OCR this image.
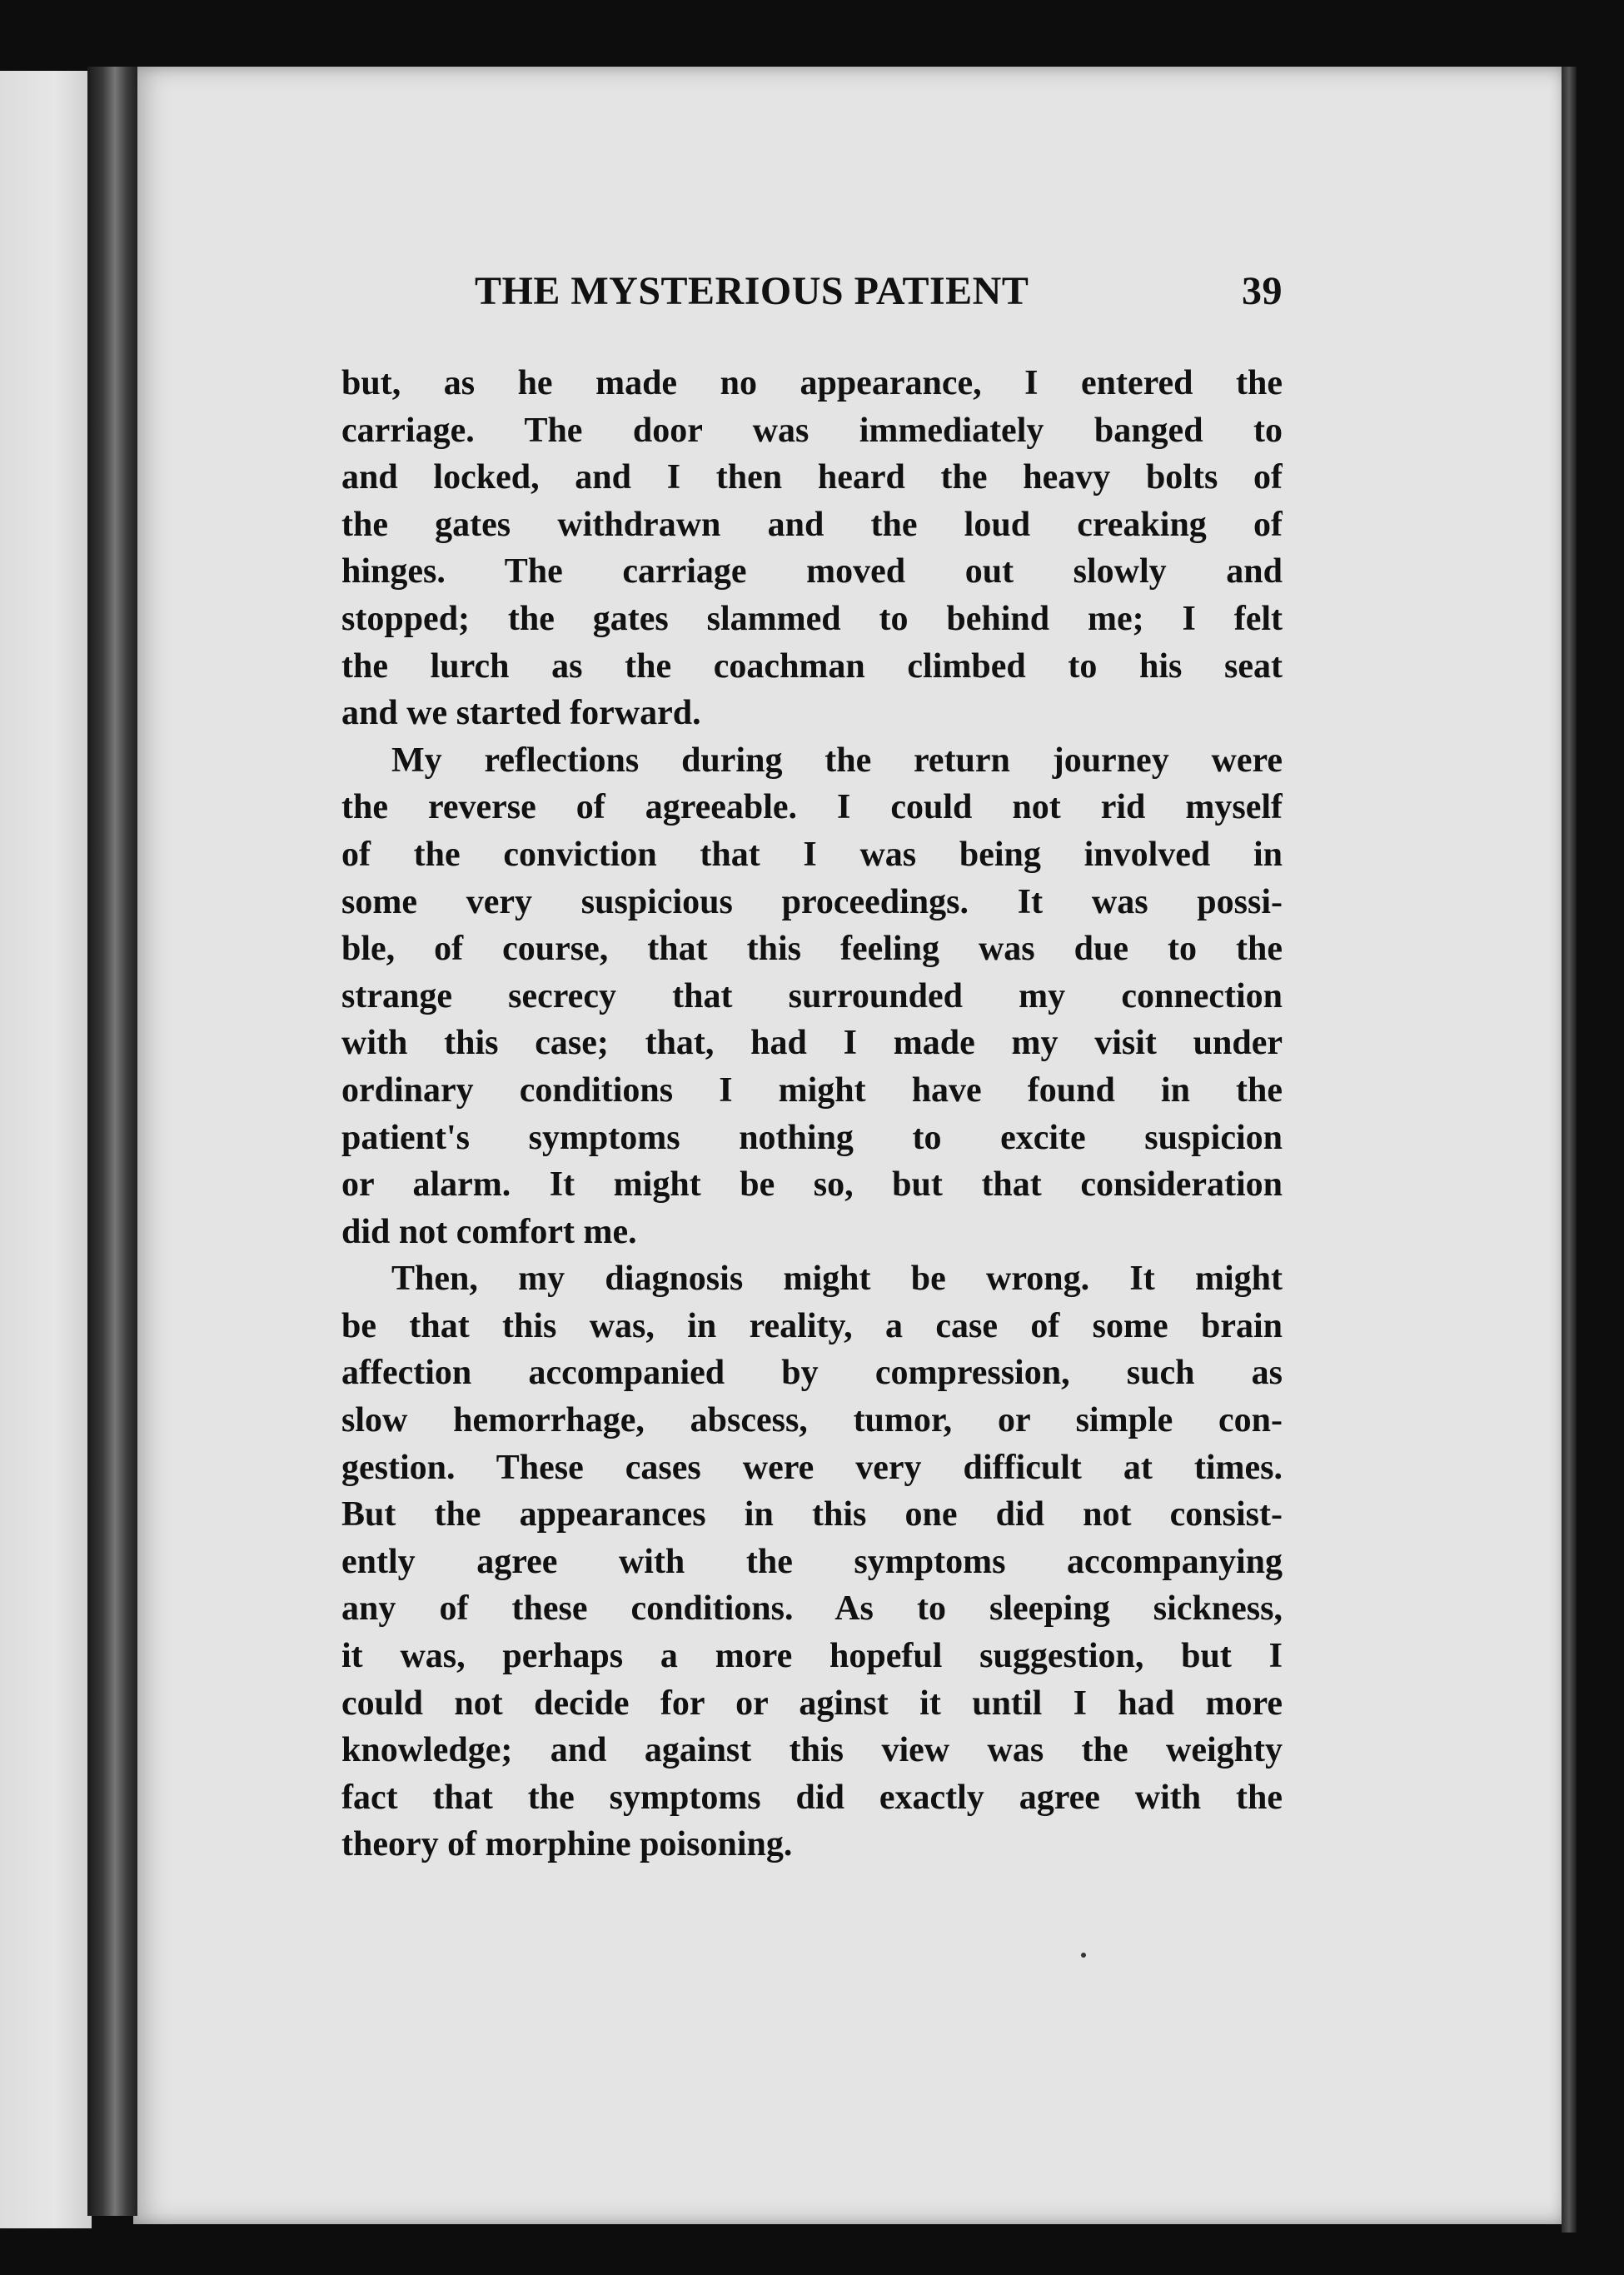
THE MYSTERIOUS PATIENT	39

but, as he made no appearance, I entered the
carriage. The door was immediately banged to
and locked, and I then heard the heavy bolts of
the gates withdrawn and the loud creaking of
hinges. The carriage moved out slowly and
stopped; the gates slammed to behind me; I felt
the lurch as the coachman climbed to his seat
and we started forward.

My reflections during the return journey were
the reverse of agreeable. I could not rid myself
of the conviction that I was being involved in
some very suspicious proceedings. It was possi-
ble, of course, that this feeling was due to the
strange secrecy that surrounded my connection
with this case; that, had I made my visit under
ordinary conditions I might have found in the
patient's symptoms nothing to excite suspicion
or alarm. It might be so, but that consideration
did not comfort me.

Then, my diagnosis might be wrong. It might
be that this was, in reality, a case of some brain
affection accompanied by compression, such as
slow hemorrhage, abscess, tumor, or simple con-
gestion. These cases were very difficult at times.
But the appearances in this one did not consist-
ently agree with the symptoms accompanying
any of these conditions. As to sleeping sickness,
it was, perhaps a more hopeful suggestion, but I
could not decide for or aginst it until I had more
knowledge; and against this view was the weighty
fact that the symptoms did exactly agree with the
theory of morphine poisoning.
